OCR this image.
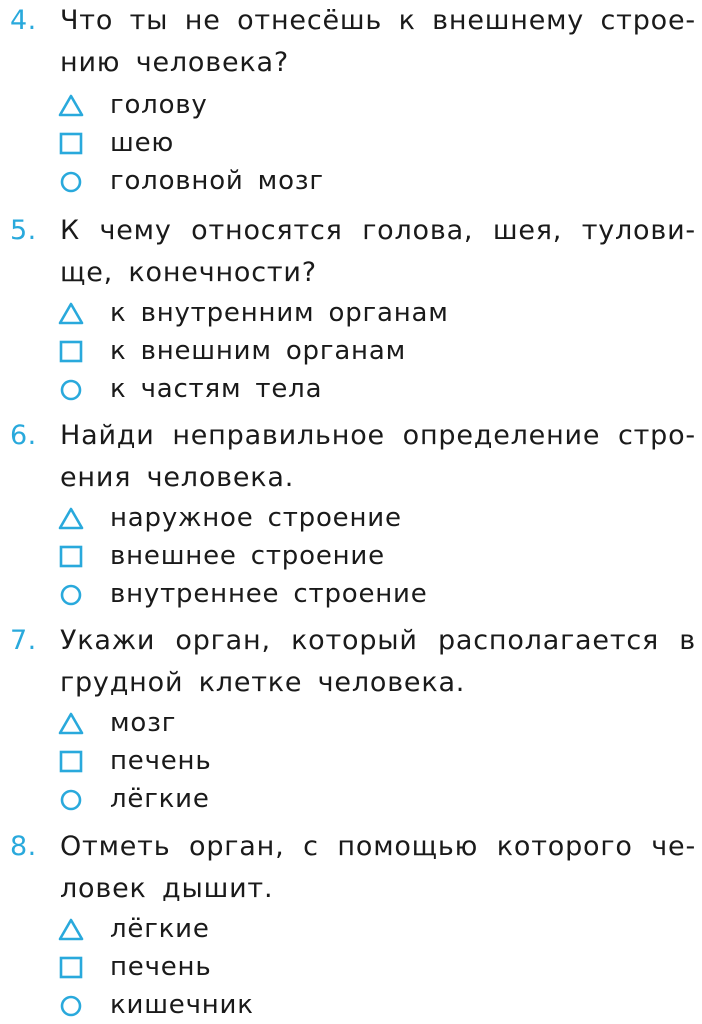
4. Что ты не отнесёшь к внешнему строе-
нию человека?
голову
шею
головной мозг
5. К чему относятся голова, шея, тулови-
ще, конечности?
к внутренним органам
к внешним органам
к частям тела
6. Найди неправильное определение стро-
ения человека.
наружное строение
внешнее строение
внутреннее строение
7. Укажи орган, который располагается в
грудной клетке человека.
мозг
печень
лёгкие
8. Отметь орган, с помощью которого че-
ловек дышит.
лёгкие
печень
кишечник
